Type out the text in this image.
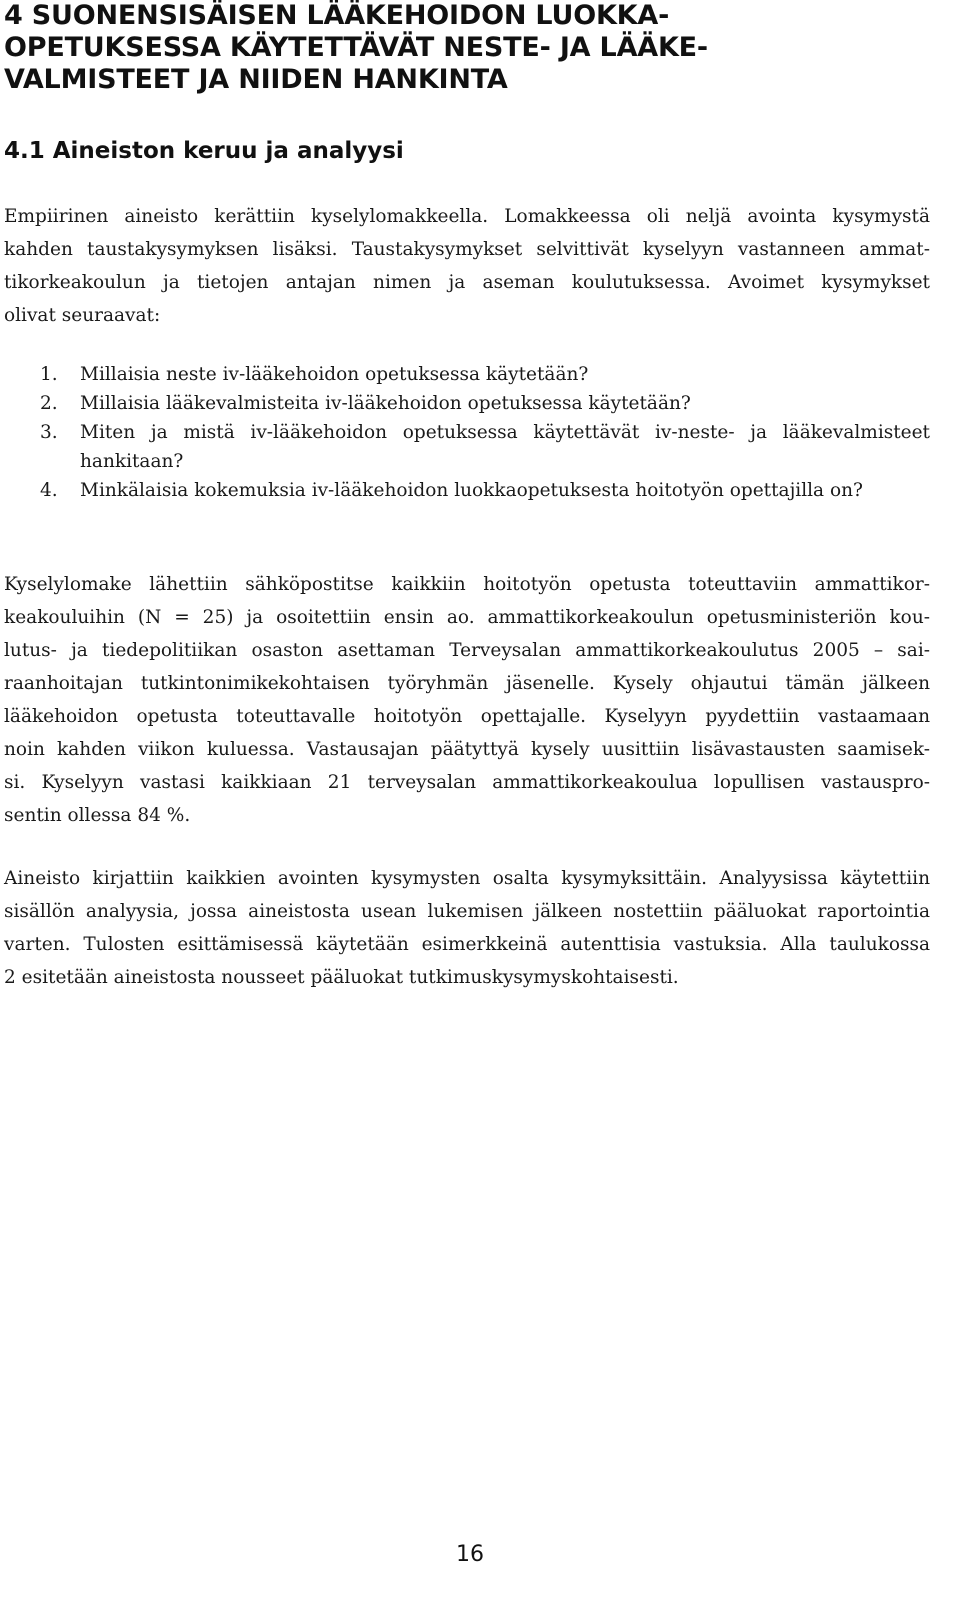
4 SUONENSISÄISEN LÄÄKEHOIDON LUOKKA-
OPETUKSESSA KÄYTETTÄVÄT NESTE- JA LÄÄKE-
VALMISTEET JA NIIDEN HANKINTA
4.1 Aineiston keruu ja analyysi
Empiirinen aineisto kerättiin kyselylomakkeella. Lomakkeessa oli neljä avointa kysymystä
kahden taustakysymyksen lisäksi. Taustakysymykset selvittivät kyselyyn vastanneen ammat-
tikorkeakoulun ja tietojen antajan nimen ja aseman koulutuksessa. Avoimet kysymykset
olivat seuraavat:
1. Millaisia neste iv-lääkehoidon opetuksessa käytetään?
2. Millaisia lääkevalmisteita iv-lääkehoidon opetuksessa käytetään?
3. Miten ja mistä iv-lääkehoidon opetuksessa käytettävät iv-neste- ja lääkevalmisteet
hankitaan?
4. Minkälaisia kokemuksia iv-lääkehoidon luokkaopetuksesta hoitotyön opettajilla on?
Kyselylomake lähettiin sähköpostitse kaikkiin hoitotyön opetusta toteuttaviin ammattikor-
keakouluihin (N = 25) ja osoitettiin ensin ao. ammattikorkeakoulun opetusministeriön kou-
lutus- ja tiedepolitiikan osaston asettaman Terveysalan ammattikorkeakoulutus 2005 – sai-
raanhoitajan tutkintonimikekohtaisen työryhmän jäsenelle. Kysely ohjautui tämän jälkeen
lääkehoidon opetusta toteuttavalle hoitotyön opettajalle. Kyselyyn pyydettiin vastaamaan
noin kahden viikon kuluessa. Vastausajan päätyttyä kysely uusittiin lisävastausten saamisek-
si. Kyselyyn vastasi kaikkiaan 21 terveysalan ammattikorkeakoulua lopullisen vastauspro-
sentin ollessa 84 %.
Aineisto kirjattiin kaikkien avointen kysymysten osalta kysymyksittäin. Analyysissa käytettiin
sisällön analyysia, jossa aineistosta usean lukemisen jälkeen nostettiin pääluokat raportointia
varten. Tulosten esittämisessä käytetään esimerkkeinä autenttisia vastuksia. Alla taulukossa
2 esitetään aineistosta nousseet pääluokat tutkimuskysymyskohtaisesti.
16
